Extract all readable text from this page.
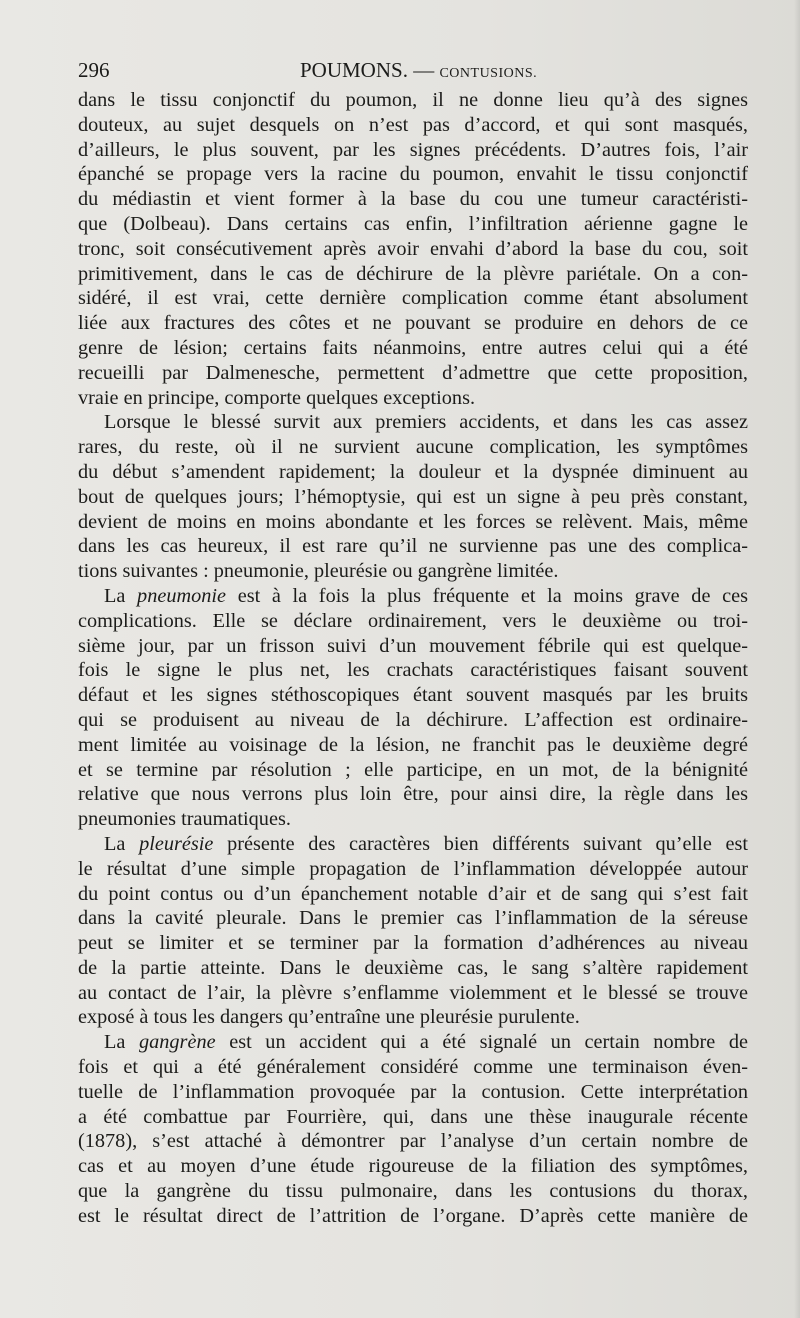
296	POUMONS. — CONTUSIONS.

dans le tissu conjonctif du poumon, il ne donne lieu qu’à des signes
douteux, au sujet desquels on n’est pas d’accord, et qui sont masqués,
d’ailleurs, le plus souvent, par les signes précédents. D’autres fois, l’air
épanché se propage vers la racine du poumon, envahit le tissu conjonctif
du médiastin et vient former à la base du cou une tumeur caractéristi-
que (Dolbeau). Dans certains cas enfin, l’infiltration aérienne gagne le
tronc, soit consécutivement après avoir envahi d’abord la base du cou, soit
primitivement, dans le cas de déchirure de la plèvre pariétale. On a con-
sidéré, il est vrai, cette dernière complication comme étant absolument
liée aux fractures des côtes et ne pouvant se produire en dehors de ce
genre de lésion; certains faits néanmoins, entre autres celui qui a été
recueilli par Dalmenesche, permettent d’admettre que cette proposition,
vraie en principe, comporte quelques exceptions.

Lorsque le blessé survit aux premiers accidents, et dans les cas assez
rares, du reste, où il ne survient aucune complication, les symptômes
du début s’amendent rapidement; la douleur et la dyspnée diminuent au
bout de quelques jours; l’hémoptysie, qui est un signe à peu près constant,
devient de moins en moins abondante et les forces se relèvent. Mais, même
dans les cas heureux, il est rare qu’il ne survienne pas une des complica-
tions suivantes : pneumonie, pleurésie ou gangrène limitée.

La pneumonie est à la fois la plus fréquente et la moins grave de ces
complications. Elle se déclare ordinairement, vers le deuxième ou troi-
sième jour, par un frisson suivi d’un mouvement fébrile qui est quelque-
fois le signe le plus net, les crachats caractéristiques faisant souvent
défaut et les signes stéthoscopiques étant souvent masqués par les bruits
qui se produisent au niveau de la déchirure. L’affection est ordinaire-
ment limitée au voisinage de la lésion, ne franchit pas le deuxième degré
et se termine par résolution ; elle participe, en un mot, de la bénignité
relative que nous verrons plus loin être, pour ainsi dire, la règle dans les
pneumonies traumatiques.

La pleurésie présente des caractères bien différents suivant qu’elle est
le résultat d’une simple propagation de l’inflammation développée autour
du point contus ou d’un épanchement notable d’air et de sang qui s’est fait
dans la cavité pleurale. Dans le premier cas l’inflammation de la séreuse
peut se limiter et se terminer par la formation d’adhérences au niveau
de la partie atteinte. Dans le deuxième cas, le sang s’altère rapidement
au contact de l’air, la plèvre s’enflamme violemment et le blessé se trouve
exposé à tous les dangers qu’entraîne une pleurésie purulente.

La gangrène est un accident qui a été signalé un certain nombre de
fois et qui a été généralement considéré comme une terminaison éven-
tuelle de l’inflammation provoquée par la contusion. Cette interprétation
a été combattue par Fourrière, qui, dans une thèse inaugurale récente
(1878), s’est attaché à démontrer par l’analyse d’un certain nombre de
cas et au moyen d’une étude rigoureuse de la filiation des symptômes,
que la gangrène du tissu pulmonaire, dans les contusions du thorax,
est le résultat direct de l’attrition de l’organe. D’après cette manière de
